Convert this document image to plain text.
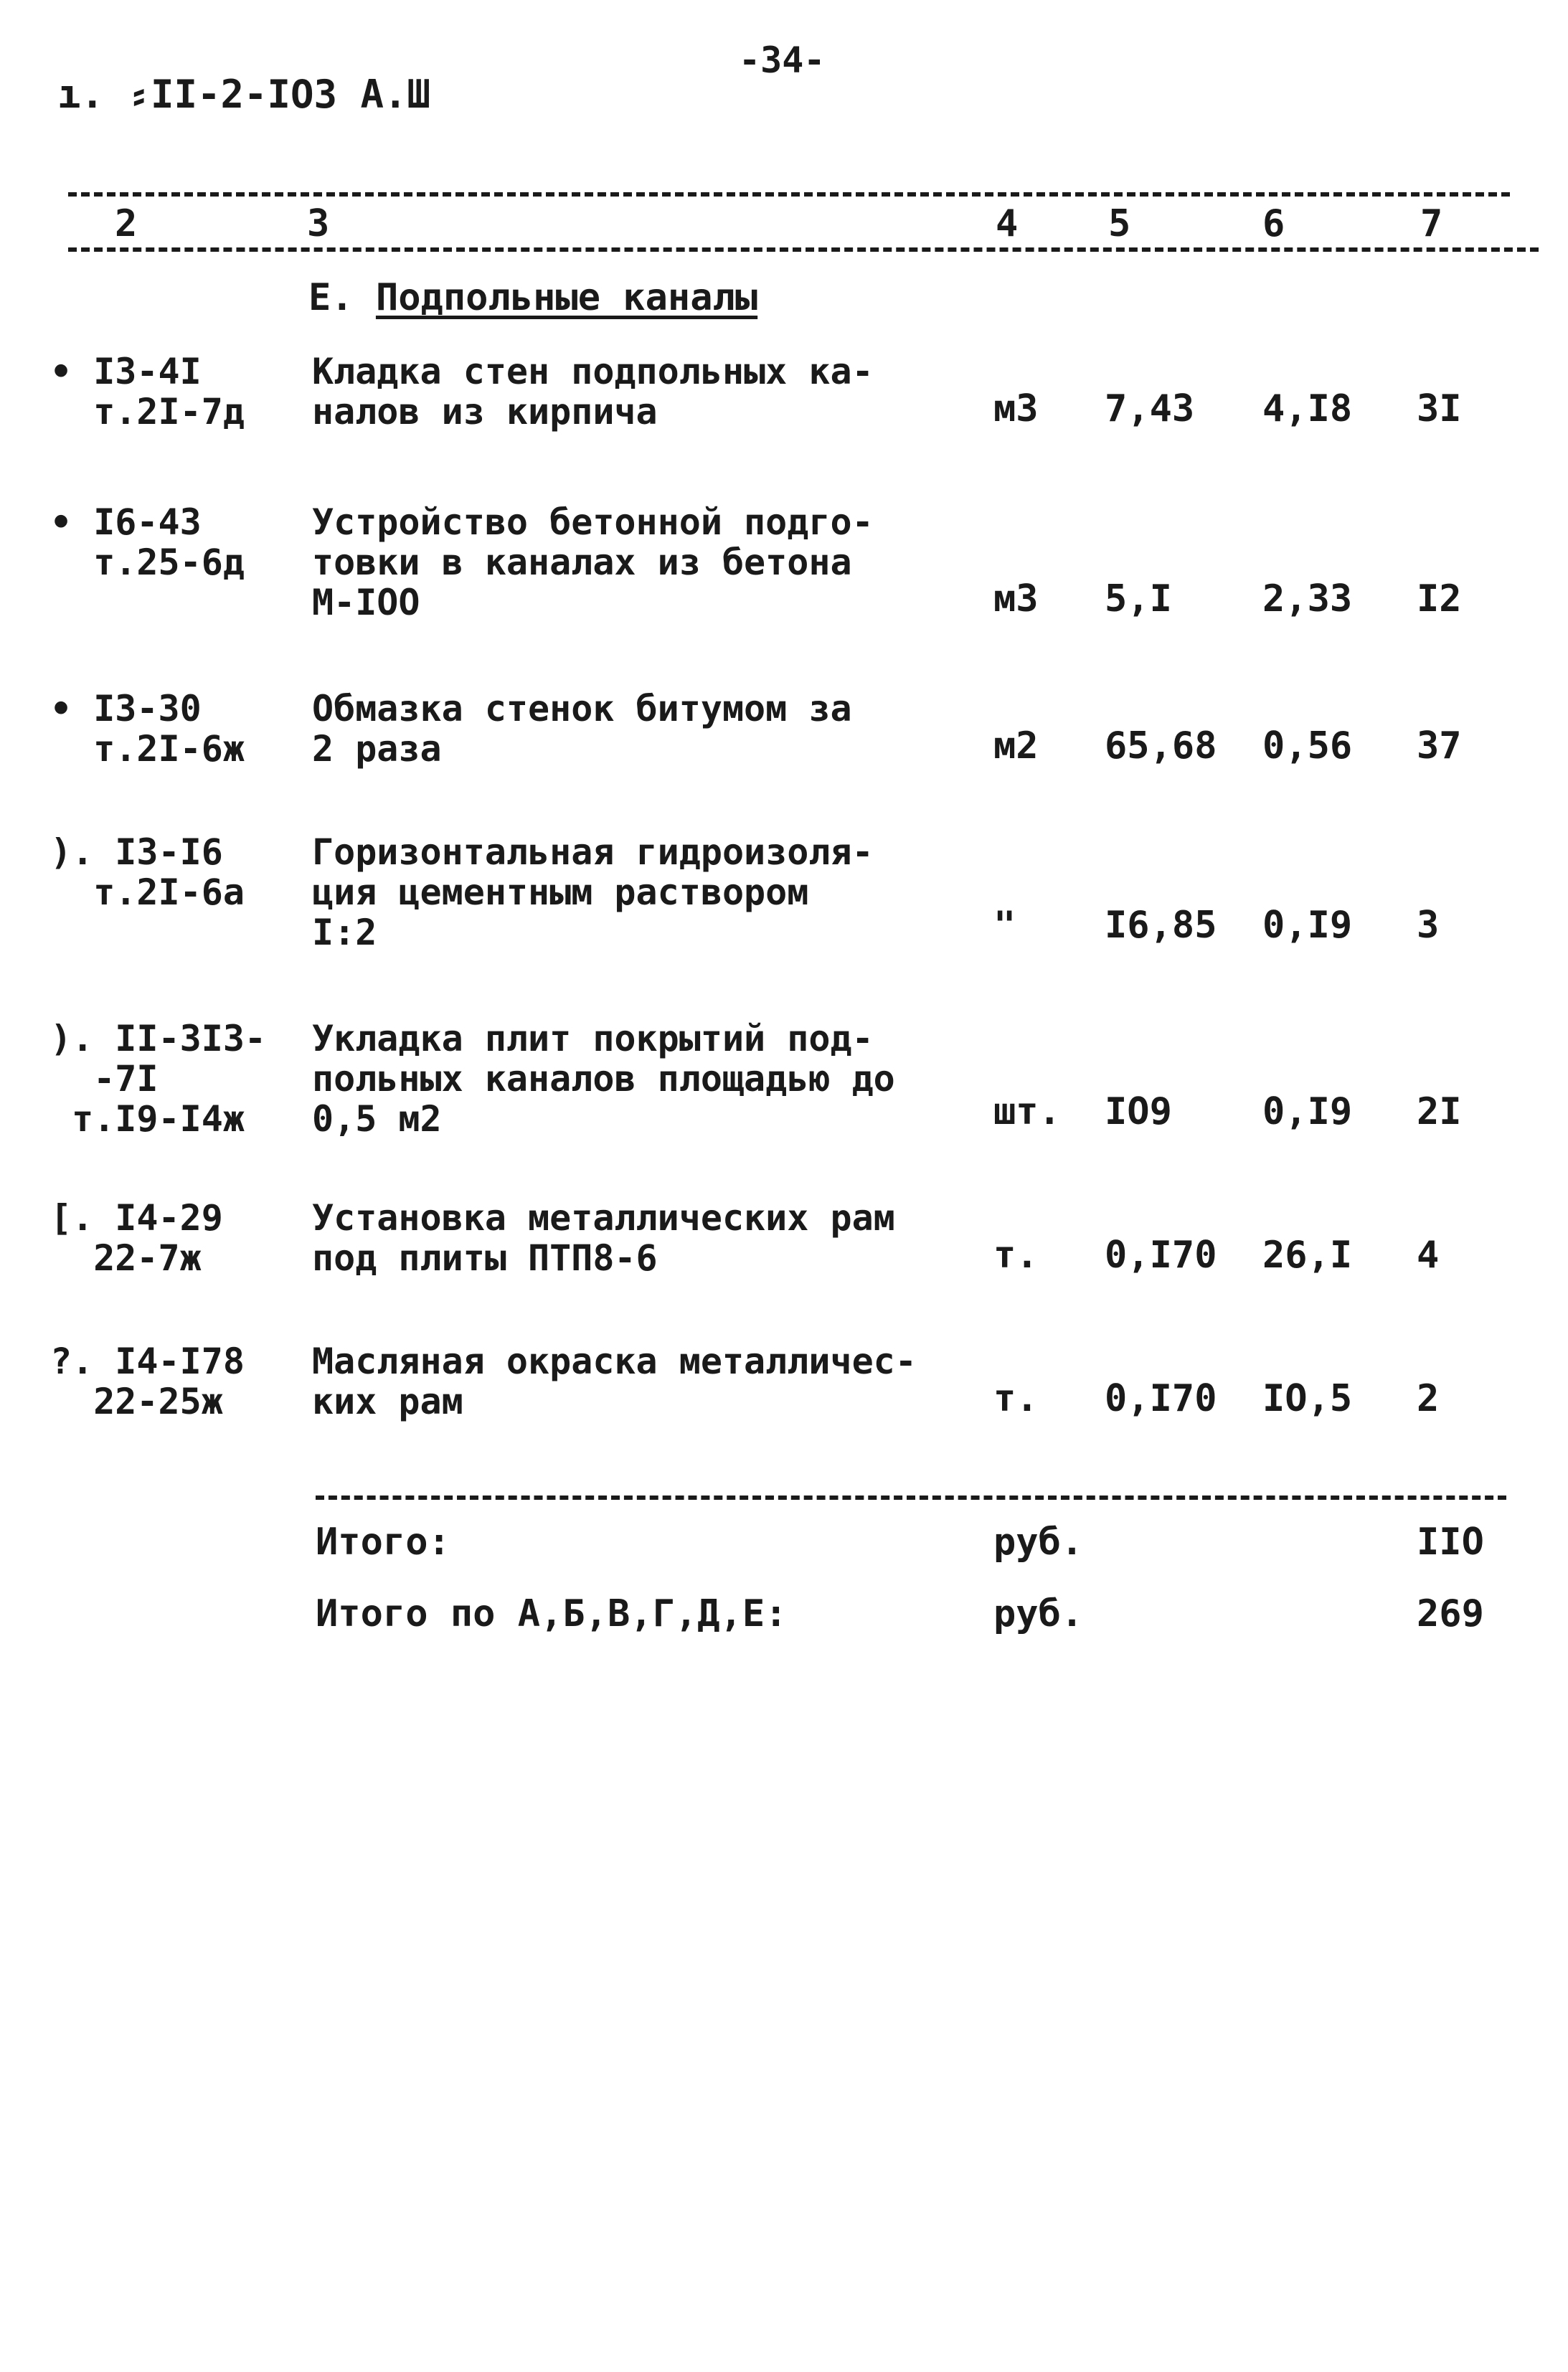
ı. ⸗II-2-IO3 А.Ш
-34-
2	3	4 5	6	7
Е. Подпольные каналы
• I3-4I
т.2I-7д
Кладка стен подпольных ка-
налов из кирпича	м3 7,43 4,I8 3I
• I6-43
т.25-6д
Устройство бетонной подго-
товки в каналах из бетона
М-IOO	м3 5,I 2,33 I2
• I3-30
т.2I-6ж
Обмазка стенок битумом за
2 раза	м2 65,68 0,56 37
). I3-I6
т.2I-6а
Горизонтальная гидроизоля-
ция цементным раствором
I:2	" I6,85 0,I9 3
). II-3I3-
-7I
т.I9-I4ж
Укладка плит покрытий под-
польных каналов площадью до
0,5 м2	шт. IO9 0,I9 2I
[. I4-29
22-7ж
Установка металлических рам
под плиты ПТП8-6	т. 0,I70 26,I 4
?. I4-I78
22-25ж
Масляная окраска металличес-
ких рам	т. 0,I70 IO,5 2
Итого:	руб.	IIO
Итого по А,Б,В,Г,Д,Е:	руб.	269
